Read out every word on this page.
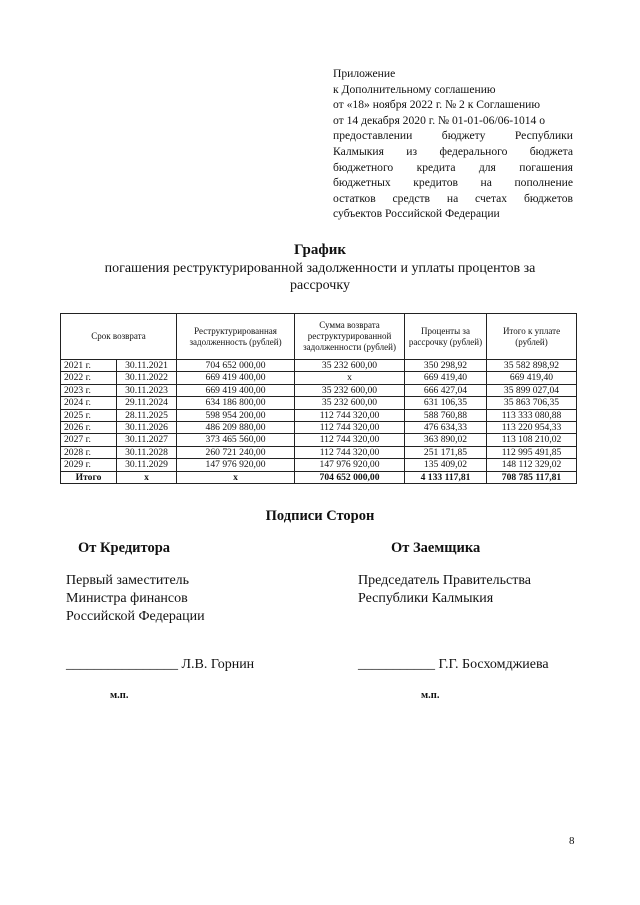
Приложение
к Дополнительному соглашению
от «18» ноября 2022 г. № 2 к Соглашению
от 14 декабря 2020 г. № 01-01-06/06-1014 о
предоставлении бюджету Республики
Калмыкия из федерального бюджета
бюджетного кредита для погашения
бюджетных кредитов на пополнение
остатков средств на счетах бюджетов
субъектов Российской Федерации
График
погашения реструктурированной задолженности и уплаты процентов за
рассрочку
Срок возврата		Реструктурированная задолженность (рублей)	Сумма возврата реструктурированной задолженности (рублей)	Проценты за рассрочку (рублей)	Итого к уплате (рублей)
2021 г.	30.11.2021	704 652 000,00	35 232 600,00	350 298,92	35 582 898,92
2022 г.	30.11.2022	669 419 400,00	x	669 419,40	669 419,40
2023 г.	30.11.2023	669 419 400,00	35 232 600,00	666 427,04	35 899 027,04
2024 г.	29.11.2024	634 186 800,00	35 232 600,00	631 106,35	35 863 706,35
2025 г.	28.11.2025	598 954 200,00	112 744 320,00	588 760,88	113 333 080,88
2026 г.	30.11.2026	486 209 880,00	112 744 320,00	476 634,33	113 220 954,33
2027 г.	30.11.2027	373 465 560,00	112 744 320,00	363 890,02	113 108 210,02
2028 г.	30.11.2028	260 721 240,00	112 744 320,00	251 171,85	112 995 491,85
2029 г.	30.11.2029	147 976 920,00	147 976 920,00	135 409,02	148 112 329,02
Итого	x	x	704 652 000,00	4 133 117,81	708 785 117,81
Подписи Сторон
От Кредитора	От Заемщика
Первый заместитель
Министра финансов
Российской Федерации
Председатель Правительства
Республики Калмыкия
________________ Л.В. Горнин	___________ Г.Г. Босхомджиева
м.п.	м.п.
8
